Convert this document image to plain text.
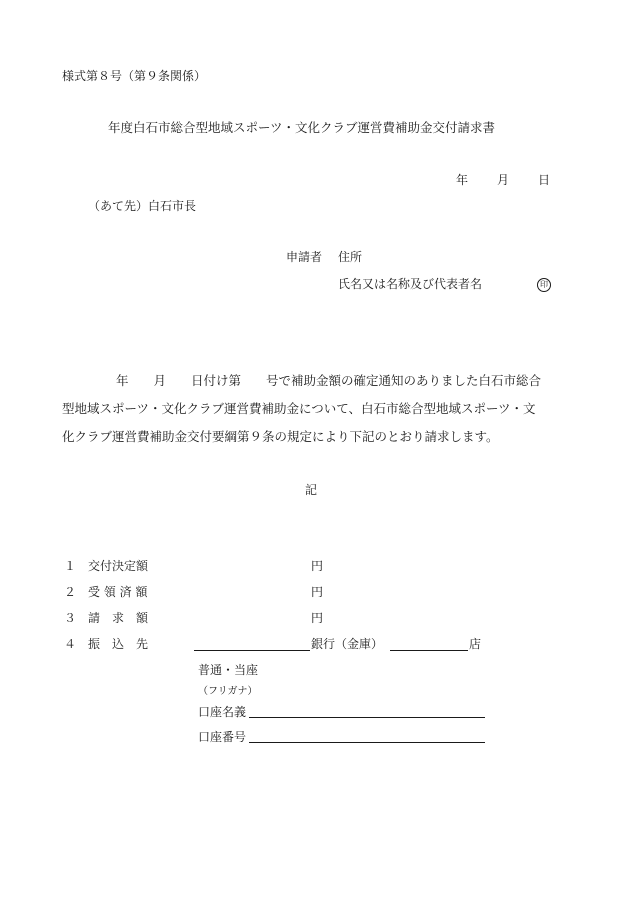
様式第８号（第９条関係）
年度白石市総合型地域スポーツ・文化クラブ運営費補助金交付請求書
年 月 日
（あて先）白石市長
申請者 住所
氏名又は名称及び代表者名	印
年　　月　　日付け第　　号で補助金額の確定通知のありました白石市総合
型地域スポーツ・文化クラブ運営費補助金について、白石市総合型地域スポーツ・文
化クラブ運営費補助金交付要綱第９条の規定により下記のとおり請求します。
記
１ 交付決定額	円
２ 受 領 済 額	円
３ 請　求　額	円
４ 振　込　先	銀行（金庫）	店
普通・当座
（フリガナ）
口座名義
口座番号
